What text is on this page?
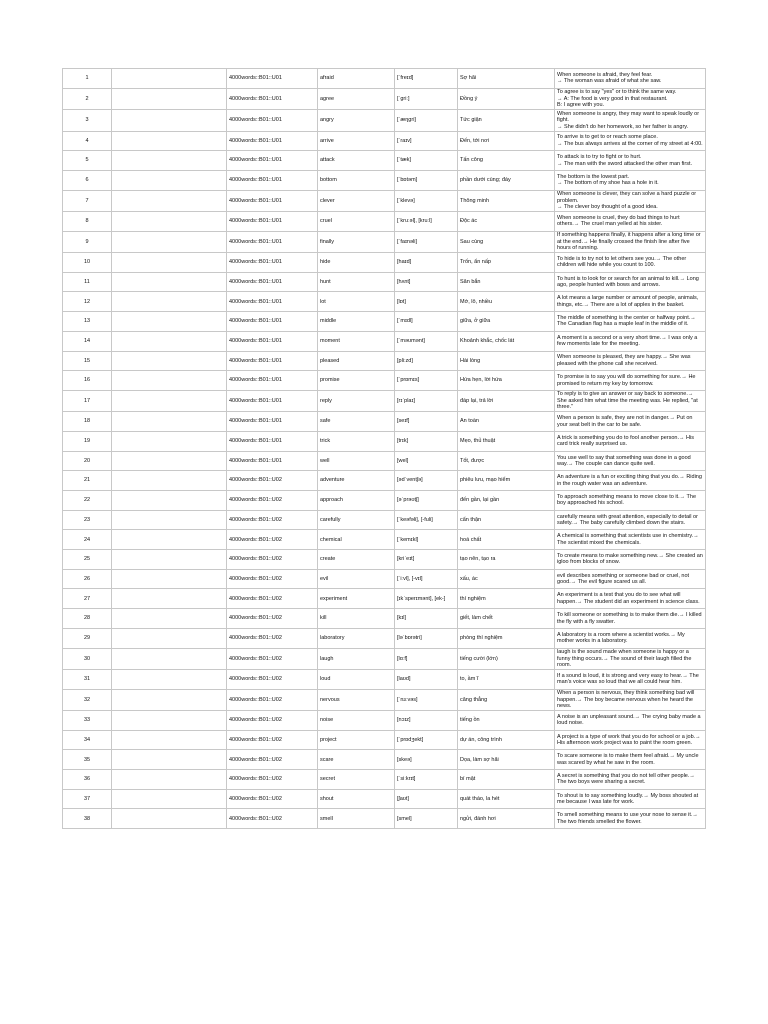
1		4000words::B01::U01	afraid	[ˈfreɪd]	Sợ hãi	When someone is afraid, they feel fear.
→ The woman was afraid of what she saw.
2		4000words::B01::U01	agree	[ˈgriː]	Đồng ý	To agree is to say "yes" or to think the same way.
→ A: The food is very good in that restaurant.
B: I agree with you.
3		4000words::B01::U01	angry	[ˈæŋgri]	Tức giận	When someone is angry, they may want to speak loudly or fight.
→ She didn't do her homework, so her father is angry.
4		4000words::B01::U01	arrive	[ˈraɪv]	Đến, tới nơi	To arrive is to get to or reach some place.
→ The bus always arrives at the corner of my street at 4:00.
5		4000words::B01::U01	attack	[ˈtæk]	Tấn công	To attack is to try to fight or to hurt.
→ The man with the sword attacked the other man first.
6		4000words::B01::U01	bottom	[ˈbɒtəm]	phần dưới cùng; đáy	The bottom is the lowest part.
→ The bottom of my shoe has a hole in it.
7		4000words::B01::U01	clever	[ˈklevə]	Thông minh	When someone is clever, they can solve a hard puzzle or problem.
→ The clever boy thought of a good idea.
8		4000words::B01::U01	cruel	[ˈkruːəl], [kruːl]	Độc ác	When someone is cruel, they do bad things to hurt others.→ The cruel man yelled at his sister.
9		4000words::B01::U01	finally	[ˈfaɪnəli]	Sau cùng	If something happens finally, it happens after a long time or at the end.→ He finally crossed the finish line after five hours of running.
10		4000words::B01::U01	hide	[haɪd]	Trốn, ẩn nấp	To hide is to try not to let others see you.→ The other children will hide while you count to 100.
11		4000words::B01::U01	hunt	[hʌnt]	Săn bắn	To hunt is to look for or search for an animal to kill.→ Long ago, people hunted with bows and arrows.
12		4000words::B01::U01	lot	[lɒt]	Mớ, lô, nhiều	A lot means a large number or amount of people, animals, things, etc.→ There are a lot of apples in the basket.
13		4000words::B01::U01	middle	[ˈmɪdl]	giữa, ở giữa	The middle of something is the center or halfway point.→ The Canadian flag has a maple leaf in the middle of it.
14		4000words::B01::U01	moment	[ˈməʊmənt]	Khoảnh khắc, chốc lát	A moment is a second or a very short time.→ I was only a few moments late for the meeting.
15		4000words::B01::U01	pleased	[pliːzd]	Hài lòng	When someone is pleased, they are happy.→ She was pleased with the phone call she received.
16		4000words::B01::U01	promise	[ˈprɒmɪs]	Hứa hẹn, lời hứa	To promise is to say you will do something for sure.→ He promised to return my key by tomorrow.
17		4000words::B01::U01	reply	[rɪˈplaɪ]	đáp lại, trả lời	To reply is to give an answer or say back to someone.→ She asked him what time the meeting was. He replied, "at three."
18		4000words::B01::U01	safe	[seɪf]	An toàn	When a person is safe, they are not in danger.→ Put on your seat belt in the car to be safe.
19		4000words::B01::U01	trick	[trɪk]	Mẹo, thủ thuật	A trick is something you do to fool another person.→ His card trick really surprised us.
20		4000words::B01::U01	well	[wel]	Tốt, được	You use well to say that something was done in a good way.→ The couple can dance quite well.
21		4000words::B01::U02	adventure	[ədˈventʃə]	phiêu lưu, mạo hiểm	An adventure is a fun or exciting thing that you do.→ Riding in the rough water was an adventure.
22		4000words::B01::U02	approach	[əˈprəʊtʃ]	đến gần, lại gần	To approach something means to move close to it.→ The boy approached his school.
23		4000words::B01::U02	carefully	[ˈkeəfəli], [-fuli]	cẩn thận	carefully means with great attention, especially to detail or safety.→ The baby carefully climbed down the stairs.
24		4000words::B01::U02	chemical	[ˈkemɪkl]	hoá chất	A chemical is something that scientists use in chemistry.→ The scientist mixed the chemicals.
25		4000words::B01::U02	create	[kriˈeɪt]	tạo nên, tạo ra	To create means to make something new.→ She created an igloo from blocks of snow.
26		4000words::B01::U02	evil	[ˈiːvl], [-vɪl]	xấu, ác	evil describes something or someone bad or cruel, not good.→ The evil figure scared us all.
27		4000words::B01::U02	experiment	[ɪkˈsperɪmənt], [ek-]	thí nghiệm	An experiment is a test that you do to see what will happen.→ The student did an experiment in science class.
28		4000words::B01::U02	kill	[kɪl]	giết, làm chết	To kill someone or something is to make them die.→ I killed the fly with a fly swatter.
29		4000words::B01::U02	laboratory	[ləˈbɒrətri]	phòng thí nghiệm	A laboratory is a room where a scientist works.→ My mother works in a laboratory.
30		4000words::B01::U02	laugh	[lɑːf]	tiếng cười (lớn)	laugh is the sound made when someone is happy or a funny thing occurs.→ The sound of their laugh filled the room.
31		4000words::B01::U02	loud	[laʊd]	to, ầm ĩ	If a sound is loud, it is strong and very easy to hear.→ The man's voice was so loud that we all could hear him.
32		4000words::B01::U02	nervous	[ˈnɜːvəs]	căng thẳng	When a person is nervous, they think something bad will happen.→ The boy became nervous when he heard the news.
33		4000words::B01::U02	noise	[nɔɪz]	tiếng ồn	A noise is an unpleasant sound.→ The crying baby made a loud noise.
34		4000words::B01::U02	project	[ˈprɒdʒekt]	dự án, công trình	A project is a type of work that you do for school or a job.→ His afternoon work project was to paint the room green.
35		4000words::B01::U02	scare	[skeə]	Dọa, làm sợ hãi	To scare someone is to make them feel afraid.→ My uncle was scared by what he saw in the room.
36		4000words::B01::U02	secret	[ˈsiːkrɪt]	bí mật	A secret is something that you do not tell other people.→ The two boys were sharing a secret.
37		4000words::B01::U02	shout	[ʃaʊt]	quát tháo, la hét	To shout is to say something loudly.→ My boss shouted at me because I was late for work.
38		4000words::B01::U02	smell	[smel]	ngửi, đánh hơi	To smell something means to use your nose to sense it.→ The two friends smelled the flower.
